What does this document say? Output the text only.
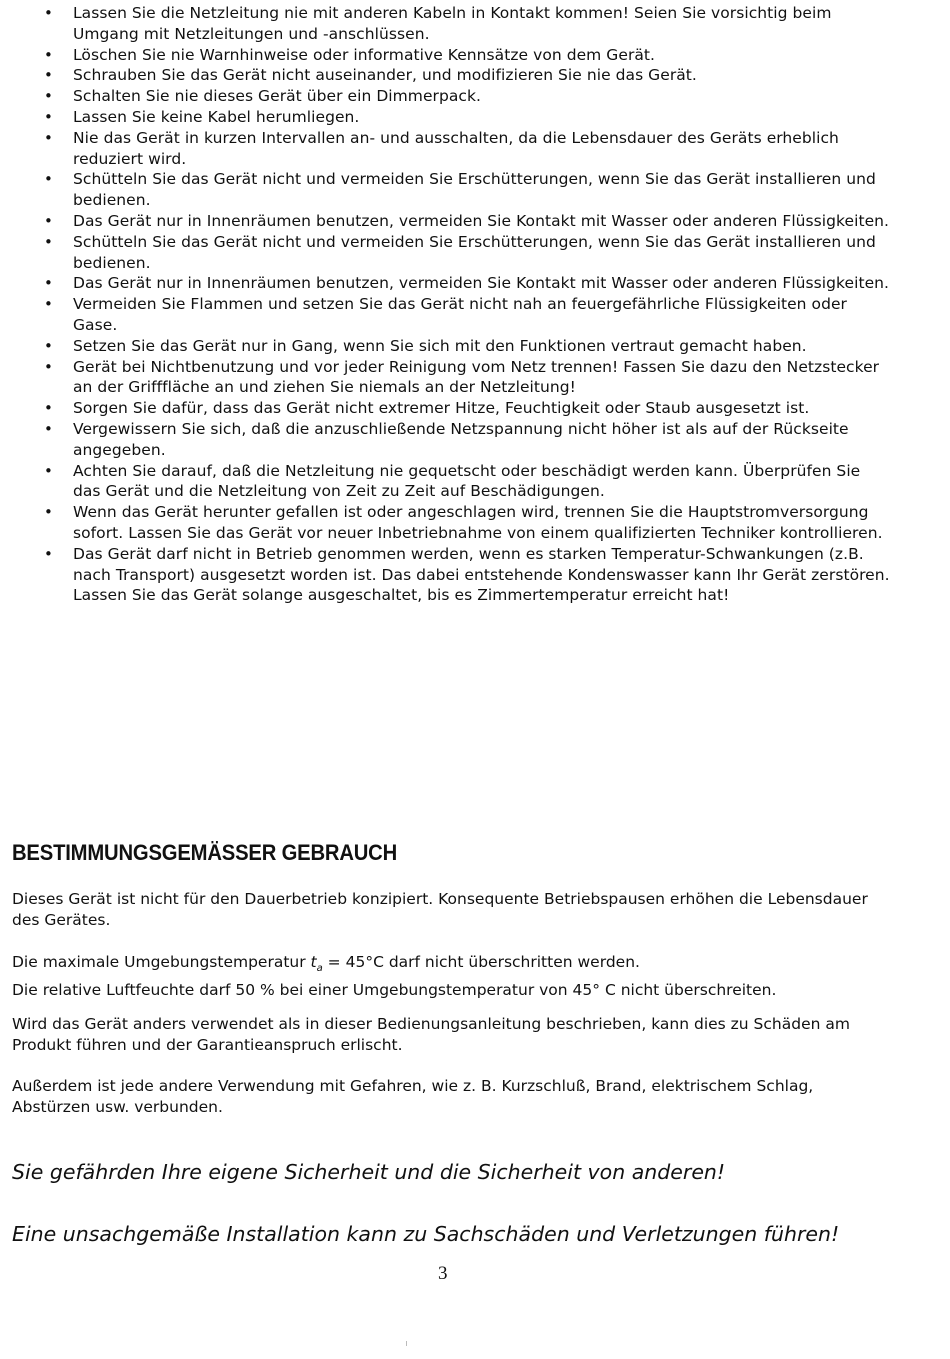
• Lassen Sie die Netzleitung nie mit anderen Kabeln in Kontakt kommen! Seien Sie vorsichtig beim Umgang mit Netzleitungen und -anschlüssen.
• Löschen Sie nie Warnhinweise oder informative Kennsätze von dem Gerät.
• Schrauben Sie das Gerät nicht auseinander, und modifizieren Sie nie das Gerät.
• Schalten Sie nie dieses Gerät über ein Dimmerpack.
• Lassen Sie keine Kabel herumliegen.
• Nie das Gerät in kurzen Intervallen an- und ausschalten, da die Lebensdauer des Geräts erheblich reduziert wird.
• Schütteln Sie das Gerät nicht und vermeiden Sie Erschütterungen, wenn Sie das Gerät installieren und bedienen.
• Das Gerät nur in Innenräumen benutzen, vermeiden Sie Kontakt mit Wasser oder anderen Flüssigkeiten.
• Schütteln Sie das Gerät nicht und vermeiden Sie Erschütterungen, wenn Sie das Gerät installieren und bedienen.
• Das Gerät nur in Innenräumen benutzen, vermeiden Sie Kontakt mit Wasser oder anderen Flüssigkeiten.
• Vermeiden Sie Flammen und setzen Sie das Gerät nicht nah an feuergefährliche Flüssigkeiten oder Gase.
• Setzen Sie das Gerät nur in Gang, wenn Sie sich mit den Funktionen vertraut gemacht haben.
• Gerät bei Nichtbenutzung und vor jeder Reinigung vom Netz trennen! Fassen Sie dazu den Netzstecker an der Grifffläche an und ziehen Sie niemals an der Netzleitung!
• Sorgen Sie dafür, dass das Gerät nicht extremer Hitze, Feuchtigkeit oder Staub ausgesetzt ist.
• Vergewissern Sie sich, daß die anzuschließende Netzspannung nicht höher ist als auf der Rückseite angegeben.
• Achten Sie darauf, daß die Netzleitung nie gequetscht oder beschädigt werden kann. Überprüfen Sie das Gerät und die Netzleitung von Zeit zu Zeit auf Beschädigungen.
• Wenn das Gerät herunter gefallen ist oder angeschlagen wird, trennen Sie die Hauptstromversorgung sofort. Lassen Sie das Gerät vor neuer Inbetriebnahme von einem qualifizierten Techniker kontrollieren.
• Das Gerät darf nicht in Betrieb genommen werden, wenn es starken Temperatur-Schwankungen (z.B. nach Transport) ausgesetzt worden ist. Das dabei entstehende Kondenswasser kann Ihr Gerät zerstören. Lassen Sie das Gerät solange ausgeschaltet, bis es Zimmertemperatur erreicht hat!
BESTIMMUNGSGEMÄSSER GEBRAUCH

Dieses Gerät ist nicht für den Dauerbetrieb konzipiert. Konsequente Betriebspausen erhöhen die Lebensdauer des Gerätes.

Die maximale Umgebungstemperatur $t_a = 45^\circ C$ darf nicht überschritten werden.
Die relative Luftfeuchte darf 50 % bei einer Umgebungstemperatur von 45° C nicht überschreiten.

Wird das Gerät anders verwendet als in dieser Bedienungsanleitung beschrieben, kann dies zu Schäden am Produkt führen und der Garantieanspruch erlischt.

Außerdem ist jede andere Verwendung mit Gefahren, wie z. B. Kurzschluß, Brand, elektrischem Schlag, Abstürzen usw. verbunden.

Sie gefährden Ihre eigene Sicherheit und die Sicherheit von anderen!

Eine unsachgemäße Installation kann zu Sachschäden und Verletzungen führen!

3
